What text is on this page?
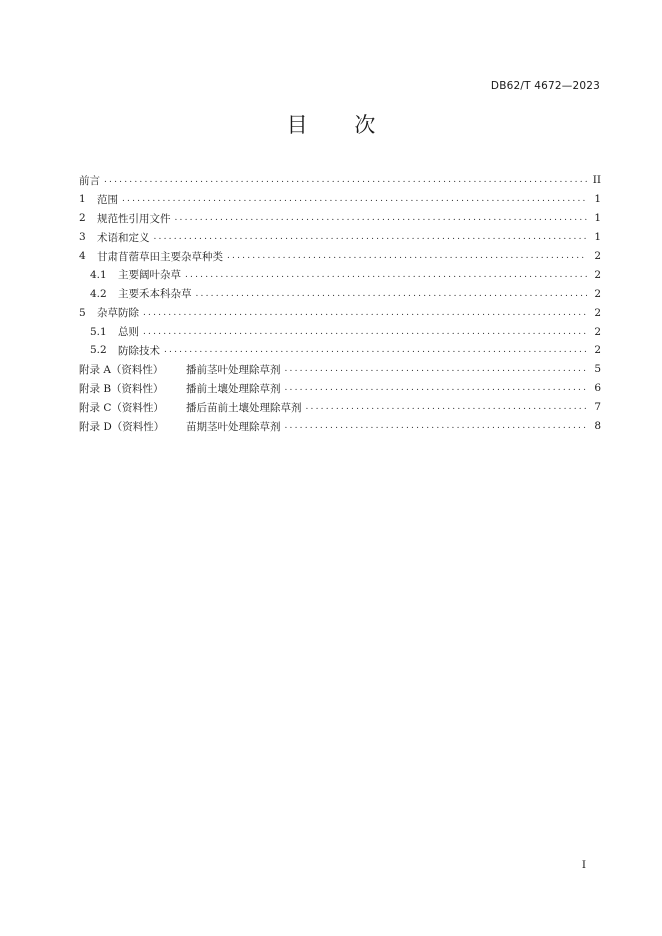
DB62/T 4672—2023
目 次
前言 .....	II
1	范围 .....	1
2	规范性引用文件 .....	1
3	术语和定义 .....	1
4	甘肃苜蓿草田主要杂草种类 .....	2
4.1	主要阔叶杂草 .....	2
4.2	主要禾本科杂草 .....	2
5	杂草防除 .....	2
5.1	总则 .....	2
5.2	防除技术 .....	2
附录 A（资料性）	播前茎叶处理除草剂 .....	5
附录 B（资料性）	播前土壤处理除草剂 .....	6
附录 C（资料性）	播后苗前土壤处理除草剂 .....	7
附录 D（资料性）	苗期茎叶处理除草剂 .....	8
I
